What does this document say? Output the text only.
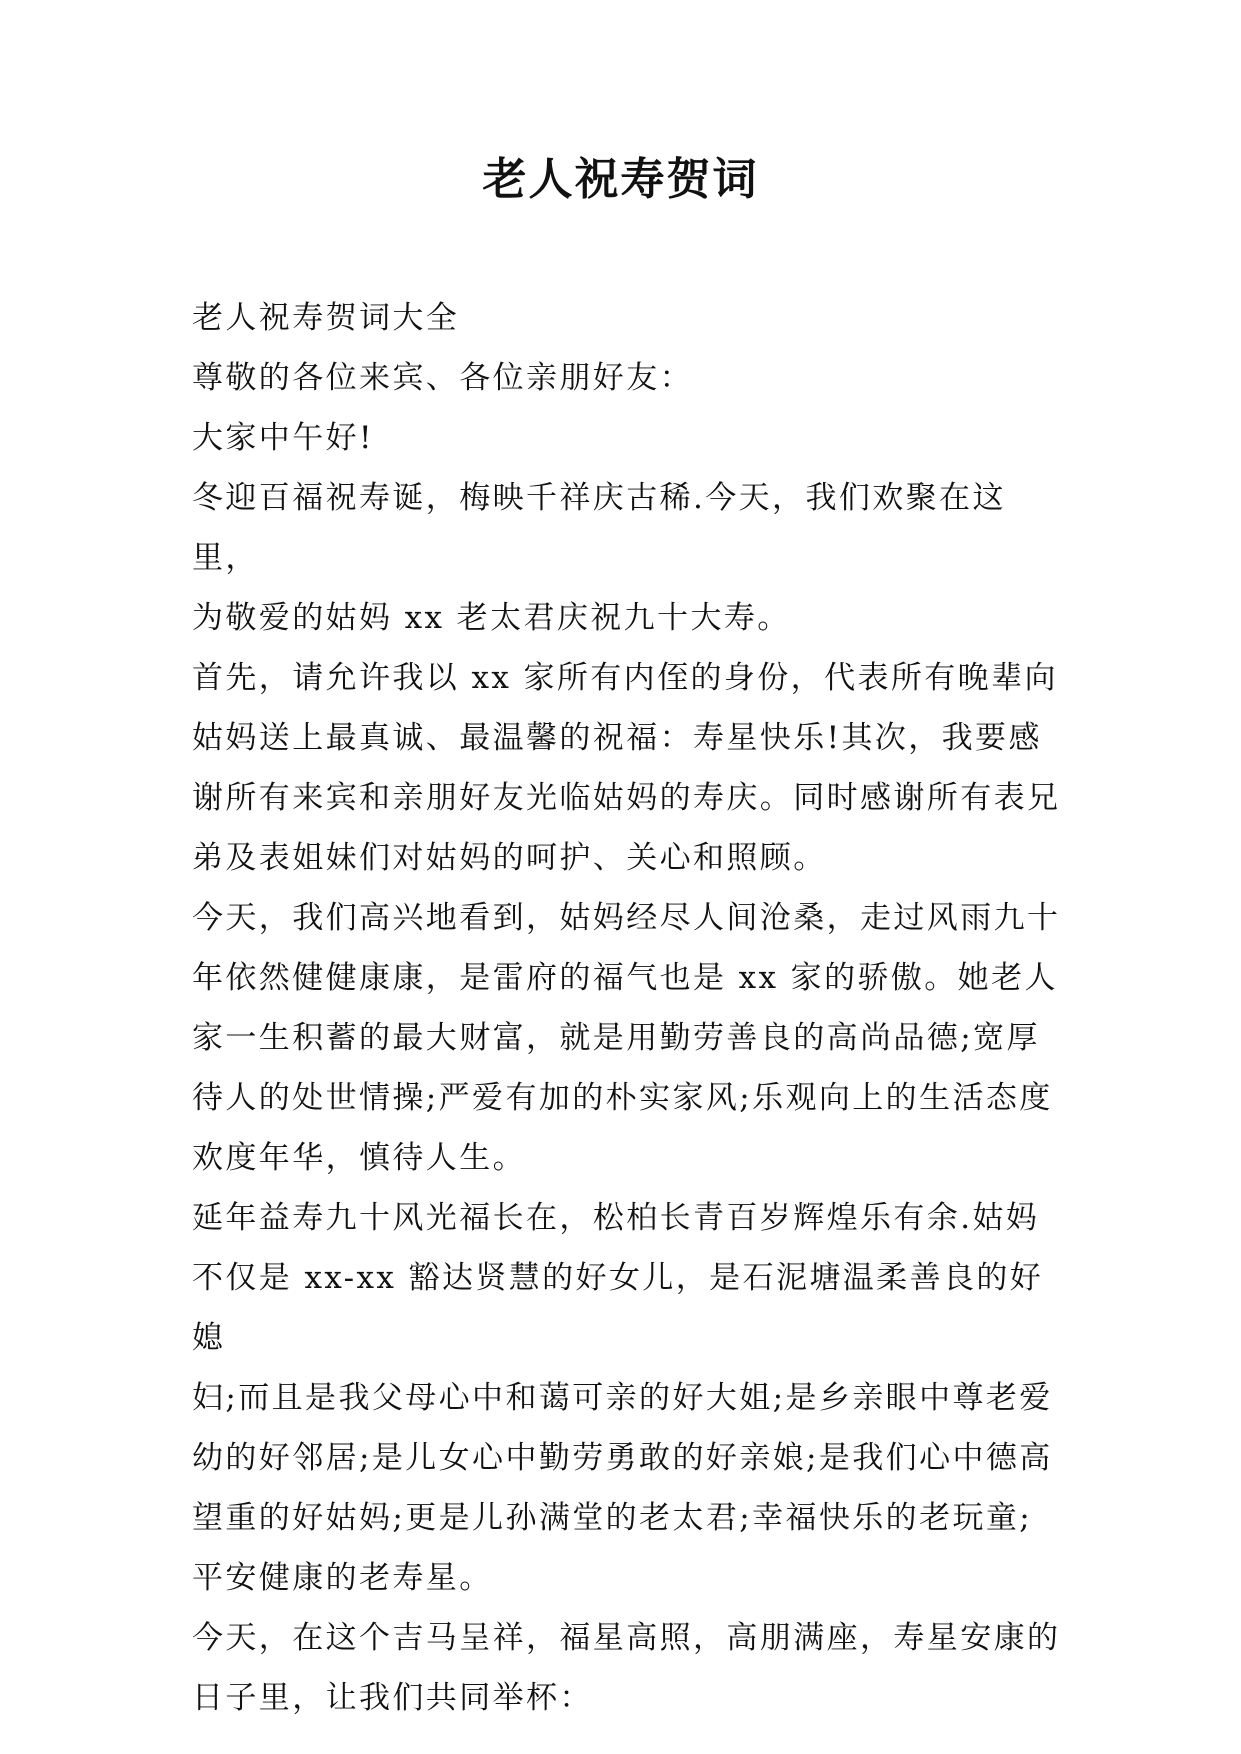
老人祝寿贺词

老人祝寿贺词大全

尊敬的各位来宾、各位亲朋好友：

大家中午好!

冬迎百福祝寿诞，梅映千祥庆古稀.今天，我们欢聚在这里，

为敬爱的姑妈 xx 老太君庆祝九十大寿。

首先，请允许我以 xx 家所有内侄的身份，代表所有晚辈向

姑妈送上最真诚、最温馨的祝福：寿星快乐!其次，我要感

谢所有来宾和亲朋好友光临姑妈的寿庆。同时感谢所有表兄

弟及表姐妹们对姑妈的呵护、关心和照顾。

今天，我们高兴地看到，姑妈经尽人间沧桑，走过风雨九十

年依然健健康康，是雷府的福气也是 xx 家的骄傲。她老人

家一生积蓄的最大财富，就是用勤劳善良的高尚品德;宽厚

待人的处世情操;严爱有加的朴实家风;乐观向上的生活态度

欢度年华，慎待人生。

延年益寿九十风光福长在，松柏长青百岁辉煌乐有余.姑妈

不仅是 xx-xx 豁达贤慧的好女儿，是石泥塘温柔善良的好媳

妇;而且是我父母心中和蔼可亲的好大姐;是乡亲眼中尊老爱

幼的好邻居;是儿女心中勤劳勇敢的好亲娘;是我们心中德高

望重的好姑妈;更是儿孙满堂的老太君;幸福快乐的老玩童;

平安健康的老寿星。

今天，在这个吉马呈祥，福星高照，高朋满座，寿星安康的

日子里，让我们共同举杯：
